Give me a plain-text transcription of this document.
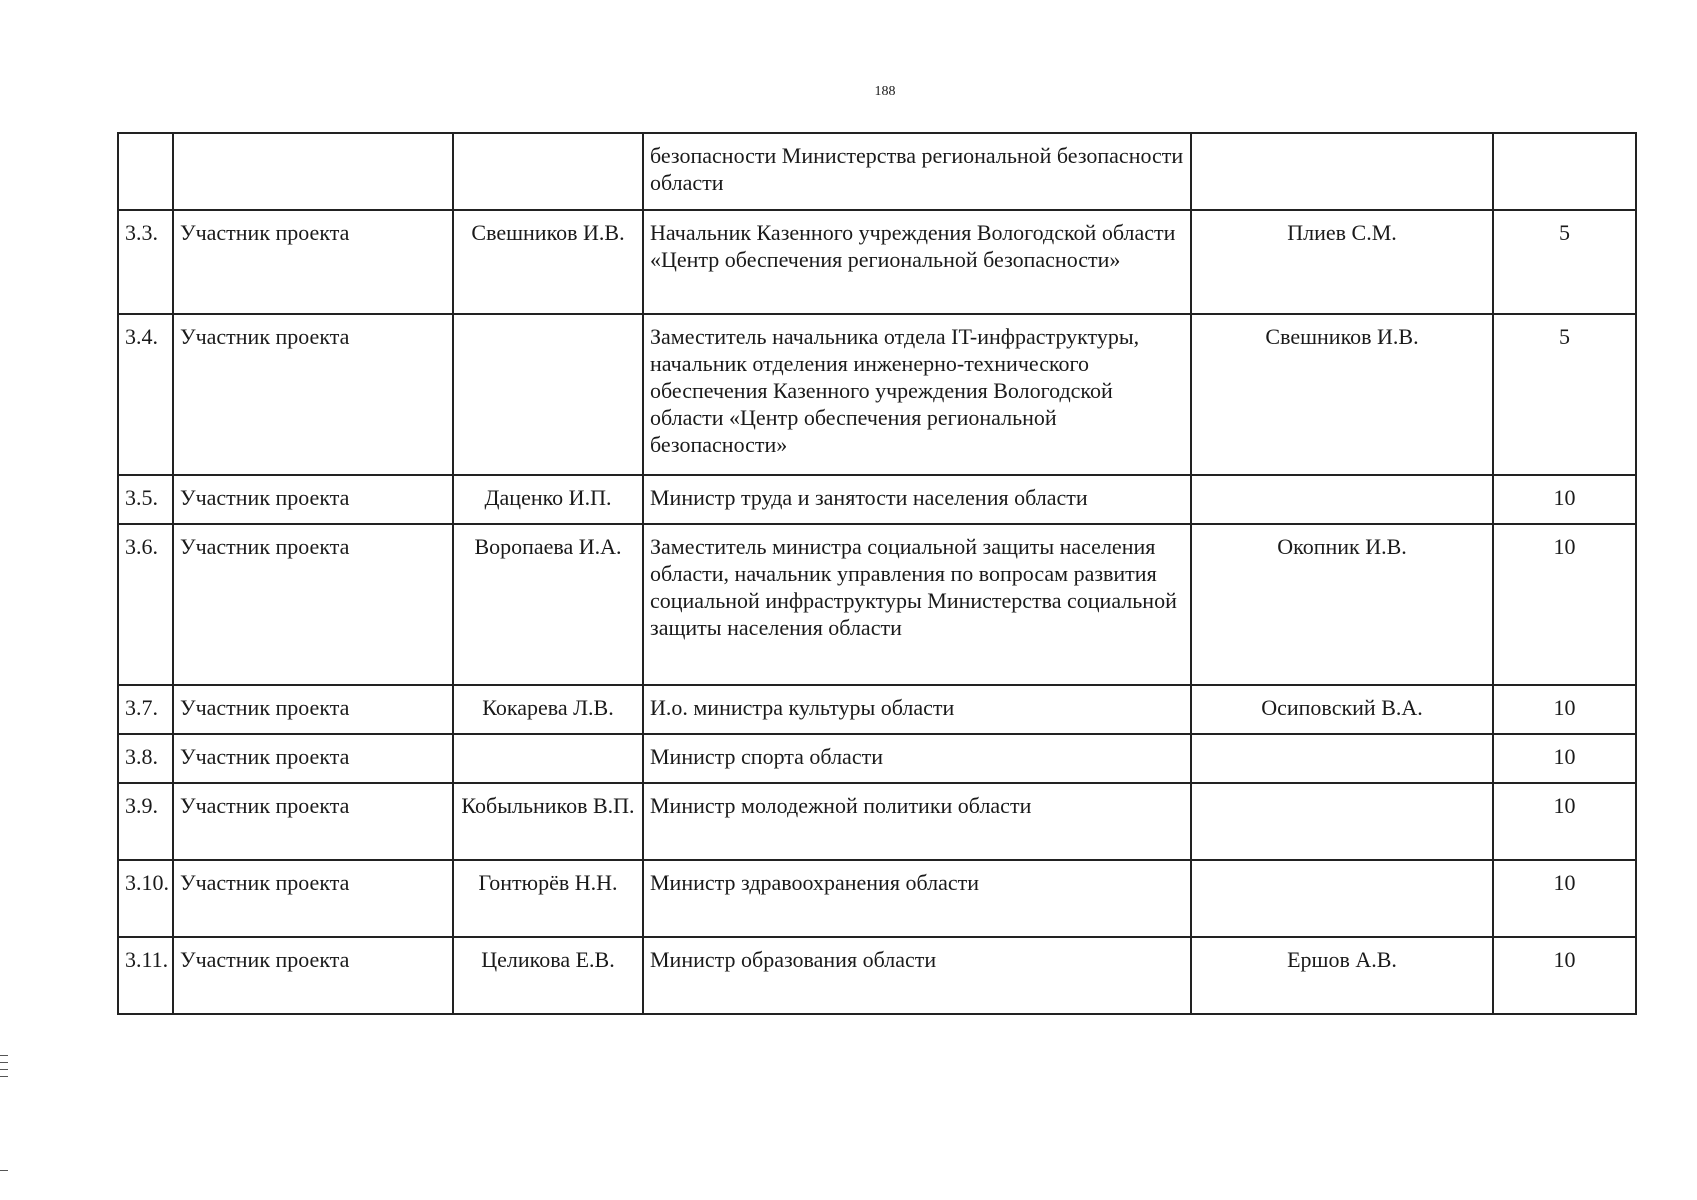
188
			безопасности Министерства региональной безопасности области		
3.3.	Участник проекта	Свешников И.В.	Начальник Казенного учреждения Вологодской области «Центр обеспечения региональной безопасности»	Плиев С.М.	5
3.4.	Участник проекта		Заместитель начальника отдела IT-инфраструктуры, начальник отделения инженерно-технического обеспечения Казенного учреждения Вологодской области «Центр обеспечения региональной безопасности»	Свешников И.В.	5
3.5.	Участник проекта	Даценко И.П.	Министр труда и занятости населения области		10
3.6.	Участник проекта	Воропаева И.А.	Заместитель министра социальной защиты населения области, начальник управления по вопросам развития социальной инфраструктуры Министерства социальной защиты населения области	Окопник И.В.	10
3.7.	Участник проекта	Кокарева Л.В.	И.о. министра культуры области	Осиповский В.А.	10
3.8.	Участник проекта		Министр спорта области		10
3.9.	Участник проекта	Кобыльников В.П.	Министр молодежной политики области		10
3.10.	Участник проекта	Гонтюрёв Н.Н.	Министр здравоохранения области		10
3.11.	Участник проекта	Целикова Е.В.	Министр образования области	Ершов А.В.	10
